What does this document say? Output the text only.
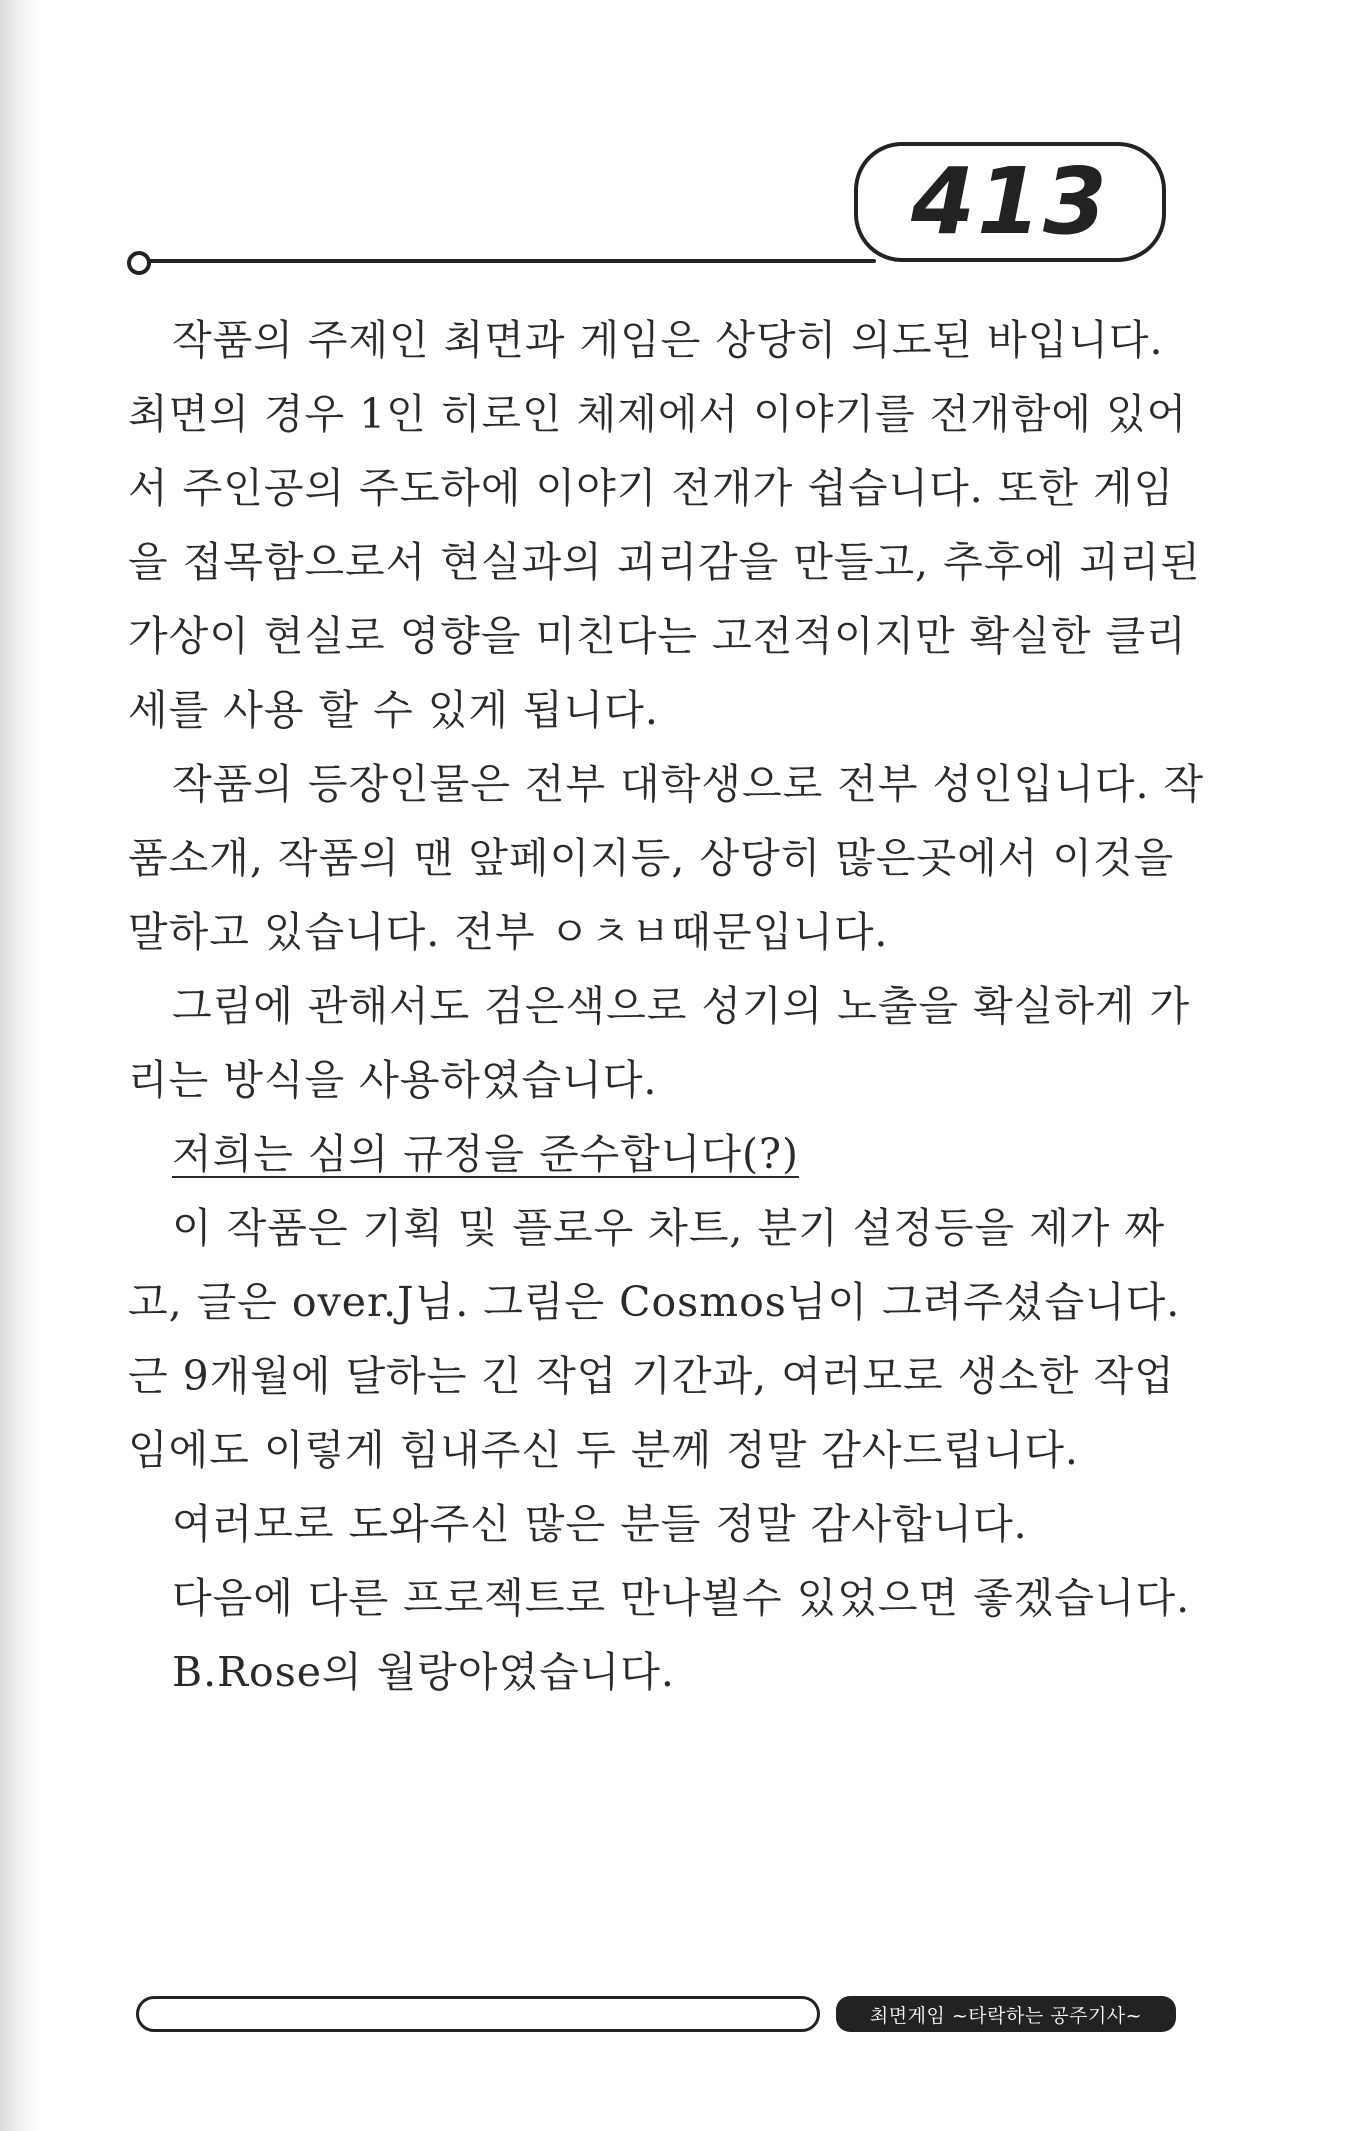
413
작품의 주제인 최면과 게임은 상당히 의도된 바입니다.
최면의 경우 1인 히로인 체제에서 이야기를 전개함에 있어
서 주인공의 주도하에 이야기 전개가 쉽습니다. 또한 게임
을 접목함으로서 현실과의 괴리감을 만들고, 추후에 괴리된
가상이 현실로 영향을 미친다는 고전적이지만 확실한 클리
세를 사용 할 수 있게 됩니다.
작품의 등장인물은 전부 대학생으로 전부 성인입니다. 작
품소개, 작품의 맨 앞페이지등, 상당히 많은곳에서 이것을
말하고 있습니다. 전부 ㅇㅊㅂ때문입니다.
그림에 관해서도 검은색으로 성기의 노출을 확실하게 가
리는 방식을 사용하였습니다.
저희는 심의 규정을 준수합니다(?)
이 작품은 기획 및 플로우 차트, 분기 설정등을 제가 짜
고, 글은 over.J님. 그림은 Cosmos님이 그려주셨습니다.
근 9개월에 달하는 긴 작업 기간과, 여러모로 생소한 작업
임에도 이렇게 힘내주신 두 분께 정말 감사드립니다.
여러모로 도와주신 많은 분들 정말 감사합니다.
다음에 다른 프로젝트로 만나뵐수 있었으면 좋겠습니다.
B.Rose의 월랑아였습니다.
최면게임 ~타락하는 공주기사~
